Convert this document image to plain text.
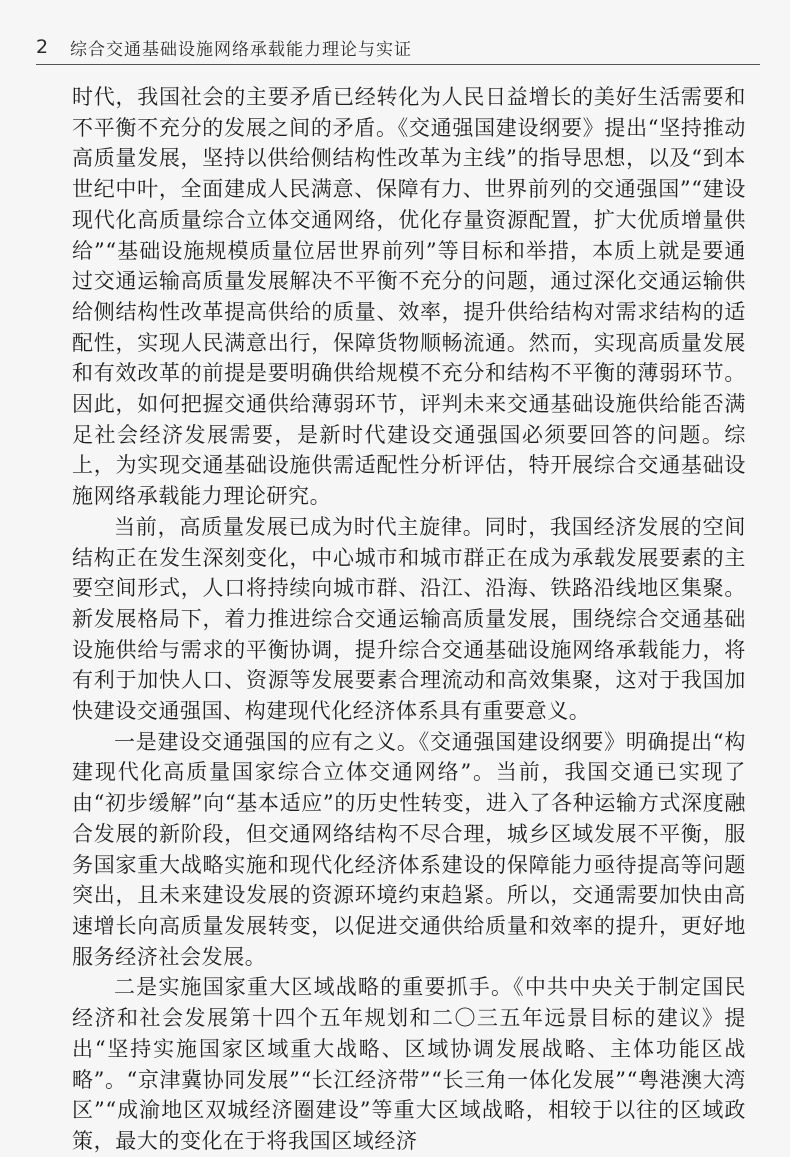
2	综合交通基础设施网络承载能力理论与实证

时代，我国社会的主要矛盾已经转化为人民日益增长的美好生活需要和不平衡不充分的发展之间的矛盾。《交通强国建设纲要》提出“坚持推动高质量发展，坚持以供给侧结构性改革为主线”的指导思想，以及“到本世纪中叶，全面建成人民满意、保障有力、世界前列的交通强国”“建设现代化高质量综合立体交通网络，优化存量资源配置，扩大优质增量供给”“基础设施规模质量位居世界前列”等目标和举措，本质上就是要通过交通运输高质量发展解决不平衡不充分的问题，通过深化交通运输供给侧结构性改革提高供给的质量、效率，提升供给结构对需求结构的适配性，实现人民满意出行，保障货物顺畅流通。然而，实现高质量发展和有效改革的前提是要明确供给规模不充分和结构不平衡的薄弱环节。因此，如何把握交通供给薄弱环节，评判未来交通基础设施供给能否满足社会经济发展需要，是新时代建设交通强国必须要回答的问题。综上，为实现交通基础设施供需适配性分析评估，特开展综合交通基础设施网络承载能力理论研究。

当前，高质量发展已成为时代主旋律。同时，我国经济发展的空间结构正在发生深刻变化，中心城市和城市群正在成为承载发展要素的主要空间形式，人口将持续向城市群、沿江、沿海、铁路沿线地区集聚。新发展格局下，着力推进综合交通运输高质量发展，围绕综合交通基础设施供给与需求的平衡协调，提升综合交通基础设施网络承载能力，将有利于加快人口、资源等发展要素合理流动和高效集聚，这对于我国加快建设交通强国、构建现代化经济体系具有重要意义。

一是建设交通强国的应有之义。《交通强国建设纲要》明确提出“构建现代化高质量国家综合立体交通网络”。当前，我国交通已实现了由“初步缓解”向“基本适应”的历史性转变，进入了各种运输方式深度融合发展的新阶段，但交通网络结构不尽合理，城乡区域发展不平衡，服务国家重大战略实施和现代化经济体系建设的保障能力亟待提高等问题突出，且未来建设发展的资源环境约束趋紧。所以，交通需要加快由高速增长向高质量发展转变，以促进交通供给质量和效率的提升，更好地服务经济社会发展。

二是实施国家重大区域战略的重要抓手。《中共中央关于制定国民经济和社会发展第十四个五年规划和二〇三五年远景目标的建议》提出“坚持实施国家区域重大战略、区域协调发展战略、主体功能区战略”。“京津冀协同发展”“长江经济带”“长三角一体化发展”“粤港澳大湾区”“成渝地区双城经济圈建设”等重大区域战略，相较于以往的区域政策，最大的变化在于将我国区域经济
